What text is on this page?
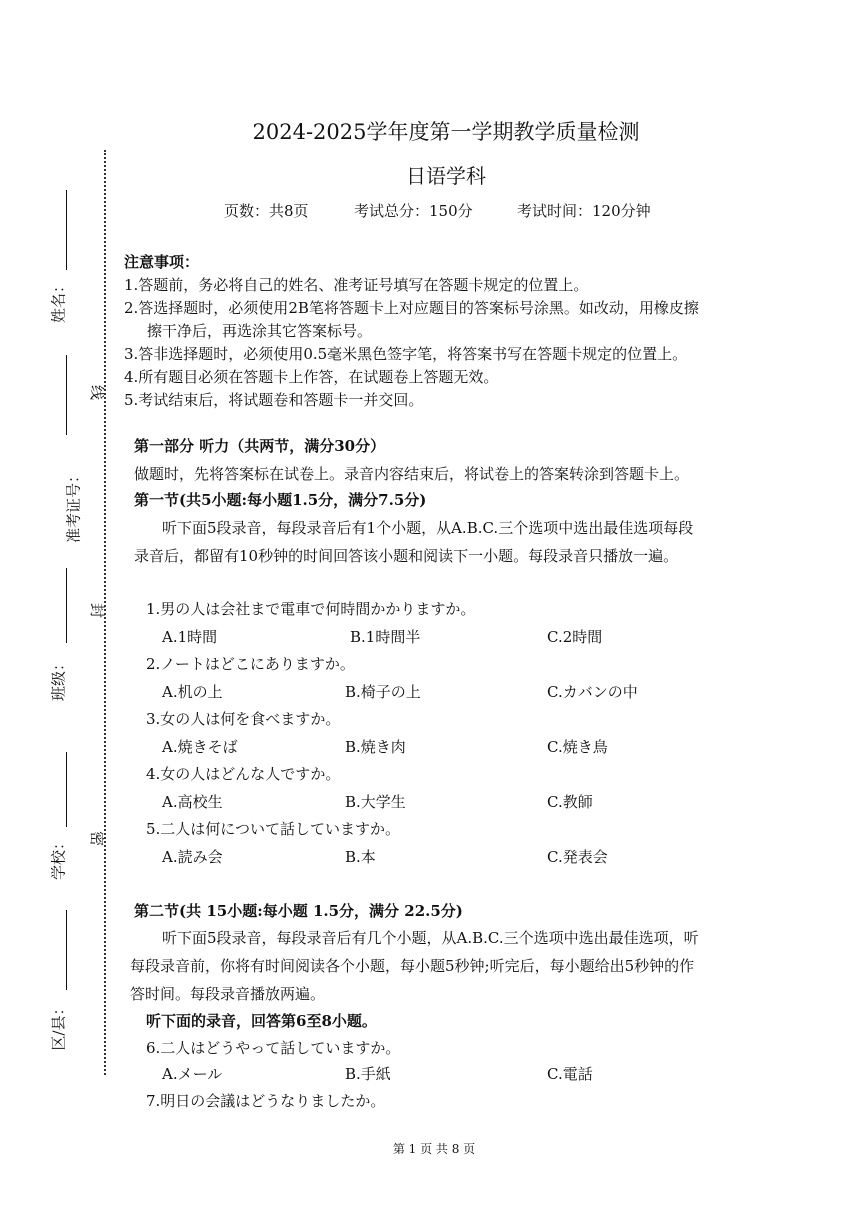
姓名：
准考证号：
班级：
学校：
区/县：
线
封
密
2024-2025学年度第一学期教学质量检测
日语学科
页数：共8页	考试总分：150分	考试时间：120分钟
注意事项：
1.答题前，务必将自己的姓名、准考证号填写在答题卡规定的位置上。
2.答选择题时，必须使用2B笔将答题卡上对应题目的答案标号涂黑。如改动，用橡皮擦
擦干净后，再选涂其它答案标号。
3.答非选择题时，必须使用0.5毫米黑色签字笔，将答案书写在答题卡规定的位置上。
4.所有题目必须在答题卡上作答，在试题卷上答题无效。
5.考试结束后，将试题卷和答题卡一并交回。
第一部分 听力（共两节，满分30分）
做题时，先将答案标在试卷上。录音内容结束后，将试卷上的答案转涂到答题卡上。
第一节(共5小题:每小题1.5分，满分7.5分)
听下面5段录音，每段录音后有1个小题，从A.B.C.三个选项中选出最佳选项每段
录音后，都留有10秒钟的时间回答该小题和阅读下一小题。每段录音只播放一遍。
1.男の人は会社まで電車で何時間かかりますか。
A.1時間	B.1時間半	C.2時間
2.ノートはどこにありますか。
A.机の上	B.椅子の上	C.カバンの中
3.女の人は何を食べますか。
A.焼きそば	B.焼き肉	C.焼き鳥
4.女の人はどんな人ですか。
A.高校生	B.大学生	C.教師
5.二人は何について話していますか。
A.読み会	B.本	C.発表会
第二节(共 15小题:每小题 1.5分，满分 22.5分)
听下面5段录音，每段录音后有几个小题，从A.B.C.三个选项中选出最佳选项，听
每段录音前，你将有时间阅读各个小题，每小题5秒钟;听完后，每小题给出5秒钟的作
答时间。每段录音播放两遍。
听下面的录音，回答第6至8小题。
6.二人はどうやって話していますか。
A.メール	B.手紙	C.電話
7.明日の会議はどうなりましたか。
第 1 页 共 8 页
